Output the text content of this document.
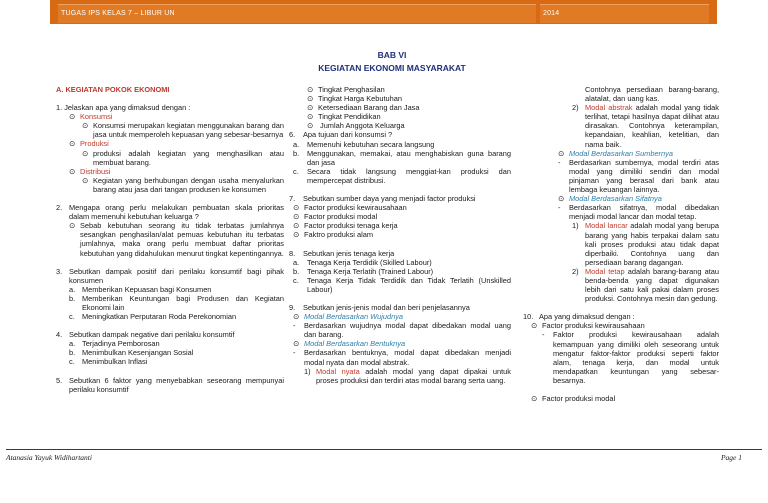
TUGAS IPS KELAS 7 – LIBUR UN	2014
BAB VI
KEGIATAN EKONOMI MASYARAKAT
A. KEGIATAN POKOK EKONOMI
1. Jelaskan apa yang dimaksud dengan :
⊙ Konsumsi
⊙ Konsumsi merupakan kegiatan menggunakan barang dan jasa untuk memperoleh kepuasan yang sebesar-besarnya
⊙ Produksi
⊙ produksi adalah kegiatan yang menghasilkan atau membuat barang.
⊙ Distribusi
⊙ Kegiatan yang berhubungan dengan usaha menyalurkan barang atau jasa dari tangan produsen ke konsumen
2. Mengapa orang perlu melakukan pembuatan skala prioritas dalam memenuhi kebutuhan keluarga ?
⊙ Sebab kebutuhan seorang itu tidak terbatas jumlahnya sesangkan penghasilan/alat pemuas kebutuhan itu terbatas jumlahnya, maka orang perlu membuat daftar prioritas kebutuhan yang didahulukan menurut tingkat kepentingannya.
3. Sebutkan dampak positif dari perilaku konsumtif bagi pihak konsumen
a. Memberikan Kepuasan bagi Konsumen
b. Memberikan Keuntungan bagi Produsen dan Kegiatan Ekonomi lain
c. Meningkatkan Perputaran Roda Perekonomian
4. Sebutkan dampak negative dari perilaku konsumtif
a. Terjadinya Pemborosan
b. Menimbulkan Kesenjangan Sosial
c. Menimbulkan Inflasi
5. Sebutkan 6 faktor yang menyebabkan seseorang mempunyai perilaku konsumtif
⊙ Tingkat Penghasilan
⊙ Tingkat Harga Kebutuhan
⊙ Ketersediaan Barang dan Jasa
⊙ Tingkat Pendidikan
⊙ Jumlah Anggota Keluarga
6.	Apa tujuan dari konsumsi ?
a.	Memenuhi kebutuhan secara langsung
b.	Menggunakan, memakai, atau menghabiskan guna barang dan jasa
c.	Secara tidak langsung menggiat-kan produksi dan mempercepat distribusi.
7.	Sebutkan sumber daya yang menjadi factor produksi
⊙ Factor produksi kewirausahaan
⊙ Factor produksi modal
⊙ Factor produksi tenaga kerja
⊙ Faktro produksi alam
8.	Sebutkan jenis tenaga kerja
a.	Tenaga Kerja Terdidik (Skilled Labour)
b.	Tenaga Kerja Terlatih (Trained Labour)
c.	Tenaga Kerja Tidak Terdidik dan Tidak Terlatih (Unskilled Labour)
9.	Sebutkan jenis-jenis modal dan beri penjelasannya
⊙ Modal Berdasarkan Wujudnya
-	Berdasarkan wujudnya modal dapat dibedakan modal uang dan barang.
⊙ Modal Berdasarkan Bentuknya
-	Berdasarkan bentuknya, modal dapat dibedakan menjadi modal nyata dan modal abstrak.
1) Modal nyata adalah modal yang dapat dipakai untuk proses produksi dan terdiri atas modal barang serta uang.
Contohnya persediaan barang-barang, alatalat, dan uang kas.
2) Modal abstrak adalah modal yang tidak terlihat, tetapi hasilnya dapat dilihat atau dirasakan. Contohnya keterampilan, kepandaian, keahlian, ketelitian, dan nama baik.
⊙ Modal Berdasarkan Sumbernya
-	Berdasarkan sumbernya, modal terdiri atas modal yang dimiliki sendiri dan modal pinjaman yang berasal dari bank atau lembaga keuangan lainnya.
⊙ Modal Berdasarkan Sifatnya
-	Berdasarkan sifatnya, modal dibedakan menjadi modal lancar dan modal tetap.
1) Modal lancar adalah modal yang berupa barang yang habis terpakai dalam satu kali proses produksi atau tidak dapat diperbaiki. Contohnya uang dan persediaan barang dagangan.
2) Modal tetap adalah barang-barang atau benda-benda yang dapat digunakan lebih dari satu kali pakai dalam proses produksi. Contohnya mesin dan gedung.
10. Apa yang dimaksud dengan :
⊙ Factor produksi kewirausahaan
-	Faktor produksi kewirausahaan adalah kemampuan yang dimiliki oleh seseorang untuk mengatur faktor-faktor produksi seperti faktor alam, tenaga kerja, dan modal untuk mendapatkan keuntungan yang sebesar-besarnya.
⊙ Factor produksi modal
Atanasia Yayuk Widihartanti	Page 1
